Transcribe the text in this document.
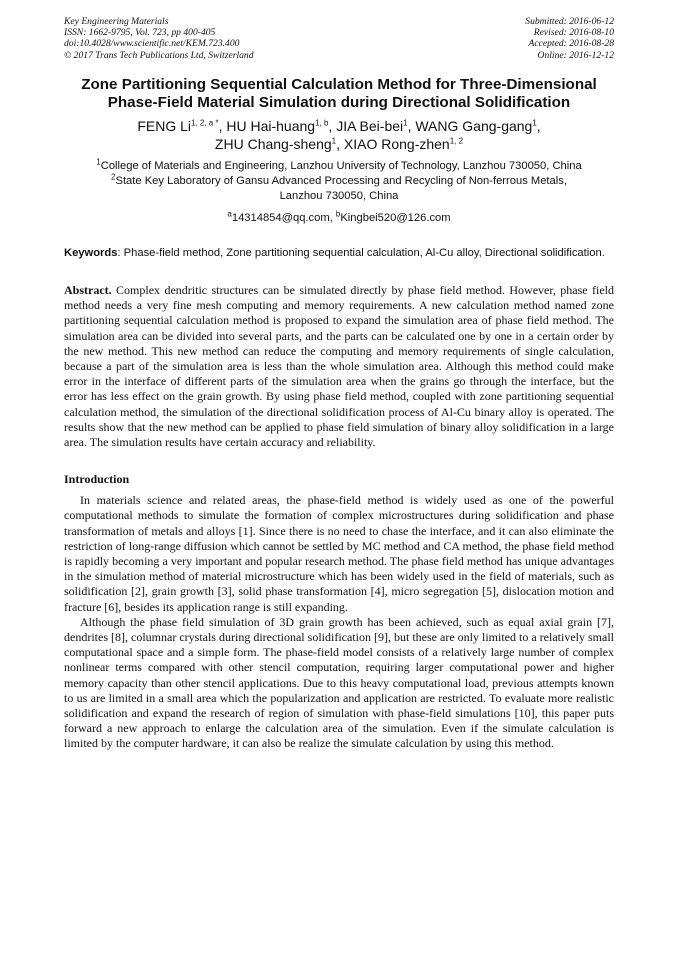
Key Engineering Materials
ISSN: 1662-9795, Vol. 723, pp 400-405
doi:10.4028/www.scientific.net/KEM.723.400
© 2017 Trans Tech Publications Ltd, Switzerland
Submitted: 2016-06-12
Revised: 2016-08-10
Accepted: 2016-08-28
Online: 2016-12-12
Zone Partitioning Sequential Calculation Method for Three-Dimensional
Phase-Field Material Simulation during Directional Solidification
FENG $Li^{1, 2, a *}$, HU Hai-huang$^{1, b}$, JIA Bei-bei$^1$, WANG Gang-gang$^1$,
ZHU Chang-sheng$^1$, XIAO Rong-zhen$^{1, 2}$
$^1$College of Materials and Engineering, Lanzhou University of Technology, Lanzhou 730050, China
$^2$State Key Laboratory of Gansu Advanced Processing and Recycling of Non-ferrous Metals,
Lanzhou 730050, China
$^a$14314854@qq.com, $^b$Kingbei520@126.com
Keywords: Phase-field method, Zone partitioning sequential calculation, Al-Cu alloy, Directional solidification.
Abstract. Complex dendritic structures can be simulated directly by phase field method. However, phase field method needs a very fine mesh computing and memory requirements. A new calculation method named zone partitioning sequential calculation method is proposed to expand the simulation area of phase field method. The simulation area can be divided into several parts, and the parts can be calculated one by one in a certain order by the new method. This new method can reduce the computing and memory requirements of single calculation, because a part of the simulation area is less than the whole simulation area. Although this method could make error in the interface of different parts of the simulation area when the grains go through the interface, but the error has less effect on the grain growth. By using phase field method, coupled with zone partitioning sequential calculation method, the simulation of the directional solidification process of Al-Cu binary alloy is operated. The results show that the new method can be applied to phase field simulation of binary alloy solidification in a large area. The simulation results have certain accuracy and reliability.
Introduction
In materials science and related areas, the phase-field method is widely used as one of the powerful computational methods to simulate the formation of complex microstructures during solidification and phase transformation of metals and alloys [1]. Since there is no need to chase the interface, and it can also eliminate the restriction of long-range diffusion which cannot be settled by MC method and CA method, the phase field method is rapidly becoming a very important and popular research method. The phase field method has unique advantages in the simulation method of material microstructure which has been widely used in the field of materials, such as solidification [2], grain growth [3], solid phase transformation [4], micro segregation [5], dislocation motion and fracture [6], besides its application range is still expanding.
Although the phase field simulation of 3D grain growth has been achieved, such as equal axial grain [7], dendrites [8], columnar crystals during directional solidification [9], but these are only limited to a relatively small computational space and a simple form. The phase-field model consists of a relatively large number of complex nonlinear terms compared with other stencil computation, requiring larger computational power and higher memory capacity than other stencil applications. Due to this heavy computational load, previous attempts known to us are limited in a small area which the popularization and application are restricted. To evaluate more realistic solidification and expand the research of region of simulation with phase-field simulations [10], this paper puts forward a new approach to enlarge the calculation area of the simulation. Even if the simulate calculation is limited by the computer hardware, it can also be realize the simulate calculation by using this method.
